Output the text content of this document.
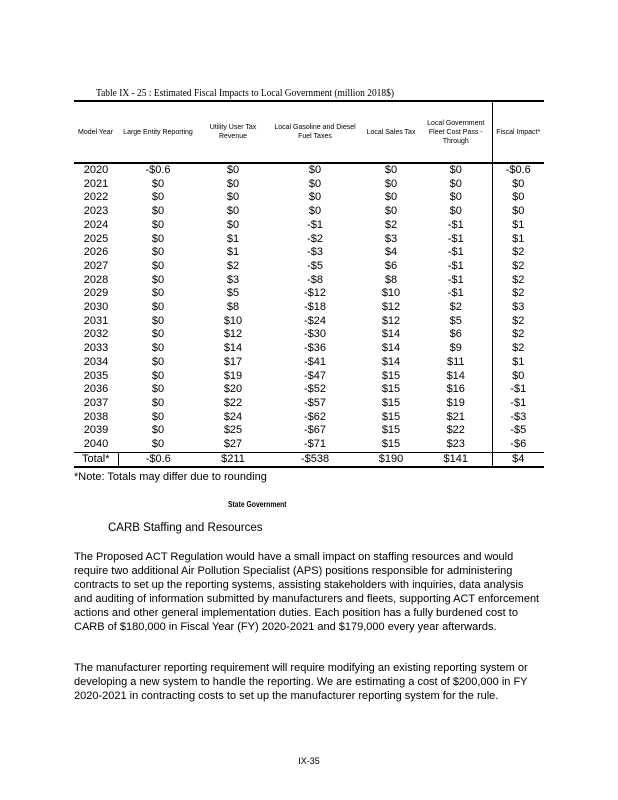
Table IX - 25 : Estimated Fiscal Impacts to Local Government (million 2018$)
Model Year	Large Entity Reporting	Utility User Tax Revenue	Local Gasoline and Diesel Fuel Taxes	Local Sales Tax	Local Government Fleet Cost Pass - Through	Fiscal Impact*
2020	-$0.6	$0	$0	$0	$0	-$0.6
2021	$0	$0	$0	$0	$0	$0
2022	$0	$0	$0	$0	$0	$0
2023	$0	$0	$0	$0	$0	$0
2024	$0	$0	-$1	$2	-$1	$1
2025	$0	$1	-$2	$3	-$1	$1
2026	$0	$1	-$3	$4	-$1	$2
2027	$0	$2	-$5	$6	-$1	$2
2028	$0	$3	-$8	$8	-$1	$2
2029	$0	$5	-$12	$10	-$1	$2
2030	$0	$8	-$18	$12	$2	$3
2031	$0	$10	-$24	$12	$5	$2
2032	$0	$12	-$30	$14	$6	$2
2033	$0	$14	-$36	$14	$9	$2
2034	$0	$17	-$41	$14	$11	$1
2035	$0	$19	-$47	$15	$14	$0
2036	$0	$20	-$52	$15	$16	-$1
2037	$0	$22	-$57	$15	$19	-$1
2038	$0	$24	-$62	$15	$21	-$3
2039	$0	$25	-$67	$15	$22	-$5
2040	$0	$27	-$71	$15	$23	-$6
Total*	-$0.6	$211	-$538	$190	$141	$4
*Note: Totals may differ due to rounding
State Government
CARB Staffing and Resources

The Proposed ACT Regulation would have a small impact on staffing resources and would require two additional Air Pollution Specialist (APS) positions responsible for administering contracts to set up the reporting systems, assisting stakeholders with inquiries, data analysis and auditing of information submitted by manufacturers and fleets, supporting ACT enforcement actions and other general implementation duties. Each position has a fully burdened cost to CARB of $180,000 in Fiscal Year (FY) 2020-2021 and $179,000 every year afterwards.

The manufacturer reporting requirement will require modifying an existing reporting system or developing a new system to handle the reporting. We are estimating a cost of $200,000 in FY 2020-2021 in contracting costs to set up the manufacturer reporting system for the rule.

IX-35
